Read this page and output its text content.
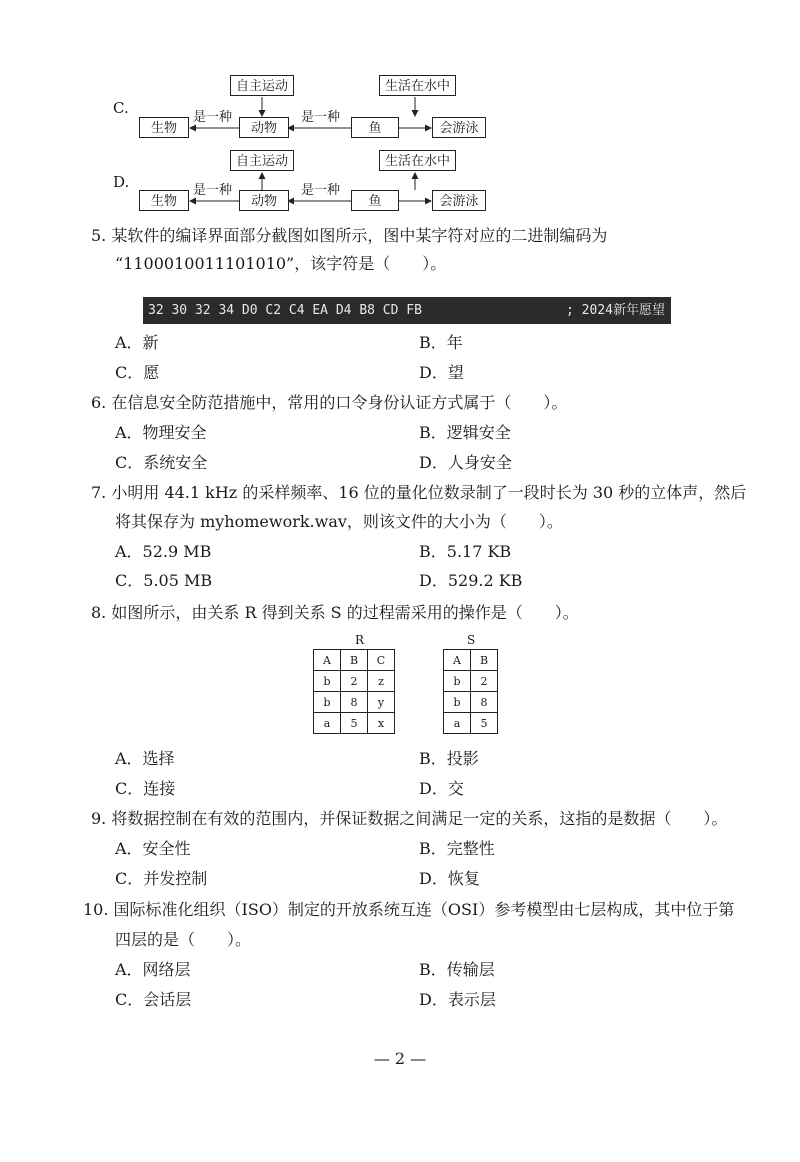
C.
自主运动	生活在水中
生物	动物	鱼	会游泳
是一种	是一种
D.
自主运动	生活在水中
生物	动物	鱼	会游泳
是一种	是一种
5. 某软件的编译界面部分截图如图所示，图中某字符对应的二进制编码为
“1100010011101010”，该字符是（　　）。
32 30 32 34 D0 C2 C4 EA D4 B8 CD FB	; 2024新年愿望
A．新	B．年
C．愿	D．望
6. 在信息安全防范措施中，常用的口令身份认证方式属于（　　）。
A．物理安全	B．逻辑安全
C．系统安全	D．人身安全
7. 小明用 44.1 kHz 的采样频率、16 位的量化位数录制了一段时长为 30 秒的立体声，然后
将其保存为 myhomework.wav，则该文件的大小为（　　）。
A．52.9 MB	B．5.17 KB
C．5.05 MB	D．529.2 KB
8. 如图所示，由关系 R 得到关系 S 的过程需采用的操作是（　　）。
R
A	B	C
b	2	z
b	8	y
a	5	x
S
A	B
b	2
b	8
a	5
A．选择	B．投影
C．连接	D．交
9. 将数据控制在有效的范围内，并保证数据之间满足一定的关系，这指的是数据（　　）。
A．安全性	B．完整性
C．并发控制	D．恢复
10. 国际标准化组织（ISO）制定的开放系统互连（OSI）参考模型由七层构成，其中位于第
四层的是（　　）。
A．网络层	B．传输层
C．会话层	D．表示层
— 2 —
